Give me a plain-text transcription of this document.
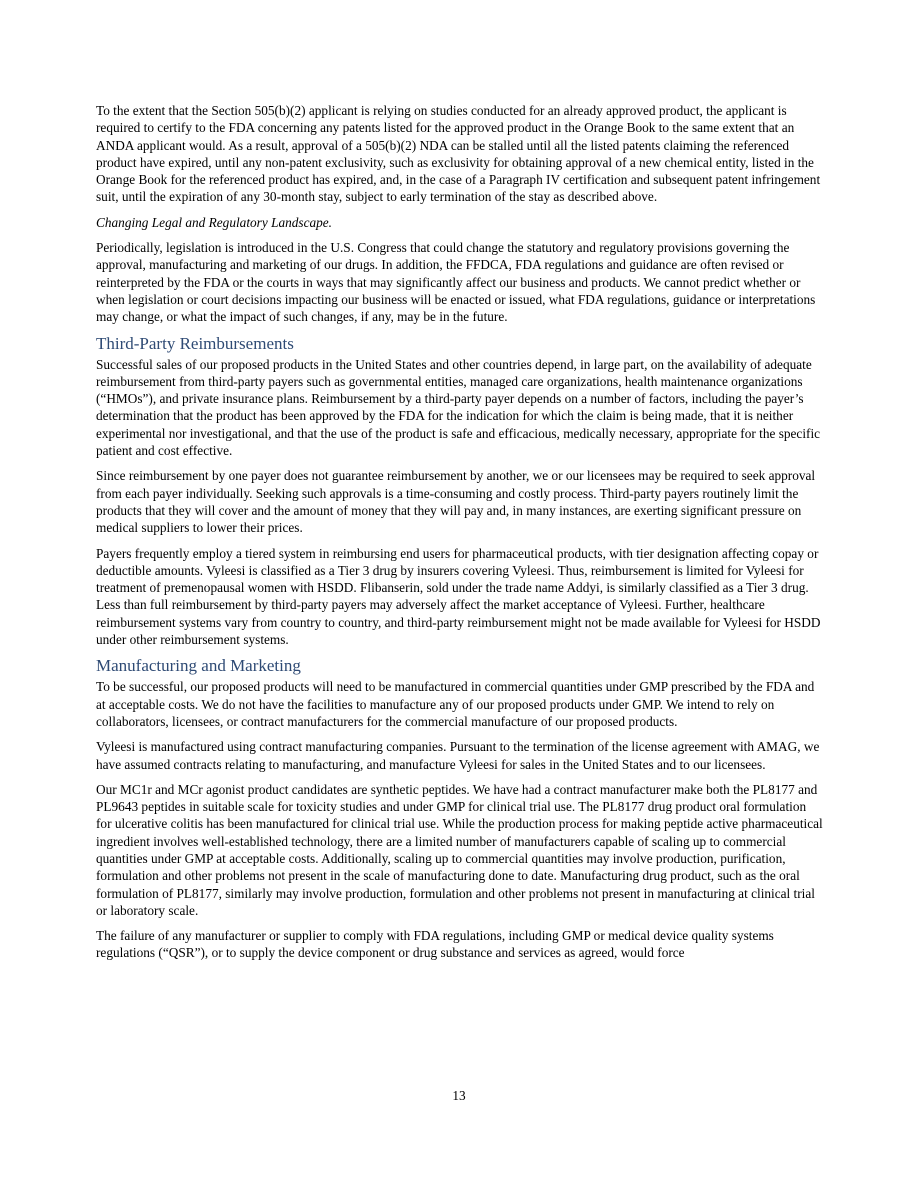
To the extent that the Section 505(b)(2) applicant is relying on studies conducted for an already approved product, the applicant is required to certify to the FDA concerning any patents listed for the approved product in the Orange Book to the same extent that an ANDA applicant would. As a result, approval of a 505(b)(2) NDA can be stalled until all the listed patents claiming the referenced product have expired, until any non-patent exclusivity, such as exclusivity for obtaining approval of a new chemical entity, listed in the Orange Book for the referenced product has expired, and, in the case of a Paragraph IV certification and subsequent patent infringement suit, until the expiration of any 30-month stay, subject to early termination of the stay as described above.

Changing Legal and Regulatory Landscape.

Periodically, legislation is introduced in the U.S. Congress that could change the statutory and regulatory provisions governing the approval, manufacturing and marketing of our drugs. In addition, the FFDCA, FDA regulations and guidance are often revised or reinterpreted by the FDA or the courts in ways that may significantly affect our business and products. We cannot predict whether or when legislation or court decisions impacting our business will be enacted or issued, what FDA regulations, guidance or interpretations may change, or what the impact of such changes, if any, may be in the future.

Third-Party Reimbursements

Successful sales of our proposed products in the United States and other countries depend, in large part, on the availability of adequate reimbursement from third-party payers such as governmental entities, managed care organizations, health maintenance organizations (“HMOs”), and private insurance plans. Reimbursement by a third-party payer depends on a number of factors, including the payer’s determination that the product has been approved by the FDA for the indication for which the claim is being made, that it is neither experimental nor investigational, and that the use of the product is safe and efficacious, medically necessary, appropriate for the specific patient and cost effective.

Since reimbursement by one payer does not guarantee reimbursement by another, we or our licensees may be required to seek approval from each payer individually. Seeking such approvals is a time-consuming and costly process. Third-party payers routinely limit the products that they will cover and the amount of money that they will pay and, in many instances, are exerting significant pressure on medical suppliers to lower their prices.

Payers frequently employ a tiered system in reimbursing end users for pharmaceutical products, with tier designation affecting copay or deductible amounts. Vyleesi is classified as a Tier 3 drug by insurers covering Vyleesi. Thus, reimbursement is limited for Vyleesi for treatment of premenopausal women with HSDD. Flibanserin, sold under the trade name Addyi, is similarly classified as a Tier 3 drug. Less than full reimbursement by third-party payers may adversely affect the market acceptance of Vyleesi. Further, healthcare reimbursement systems vary from country to country, and third-party reimbursement might not be made available for Vyleesi for HSDD under other reimbursement systems.

Manufacturing and Marketing

To be successful, our proposed products will need to be manufactured in commercial quantities under GMP prescribed by the FDA and at acceptable costs. We do not have the facilities to manufacture any of our proposed products under GMP. We intend to rely on collaborators, licensees, or contract manufacturers for the commercial manufacture of our proposed products.

Vyleesi is manufactured using contract manufacturing companies. Pursuant to the termination of the license agreement with AMAG, we have assumed contracts relating to manufacturing, and manufacture Vyleesi for sales in the United States and to our licensees.

Our MC1r and MCr agonist product candidates are synthetic peptides. We have had a contract manufacturer make both the PL8177 and PL9643 peptides in suitable scale for toxicity studies and under GMP for clinical trial use. The PL8177 drug product oral formulation for ulcerative colitis has been manufactured for clinical trial use. While the production process for making peptide active pharmaceutical ingredient involves well-established technology, there are a limited number of manufacturers capable of scaling up to commercial quantities under GMP at acceptable costs. Additionally, scaling up to commercial quantities may involve production, purification, formulation and other problems not present in the scale of manufacturing done to date. Manufacturing drug product, such as the oral formulation of PL8177, similarly may involve production, formulation and other problems not present in manufacturing at clinical trial or laboratory scale.

The failure of any manufacturer or supplier to comply with FDA regulations, including GMP or medical device quality systems regulations (“QSR”), or to supply the device component or drug substance and services as agreed, would force

13
